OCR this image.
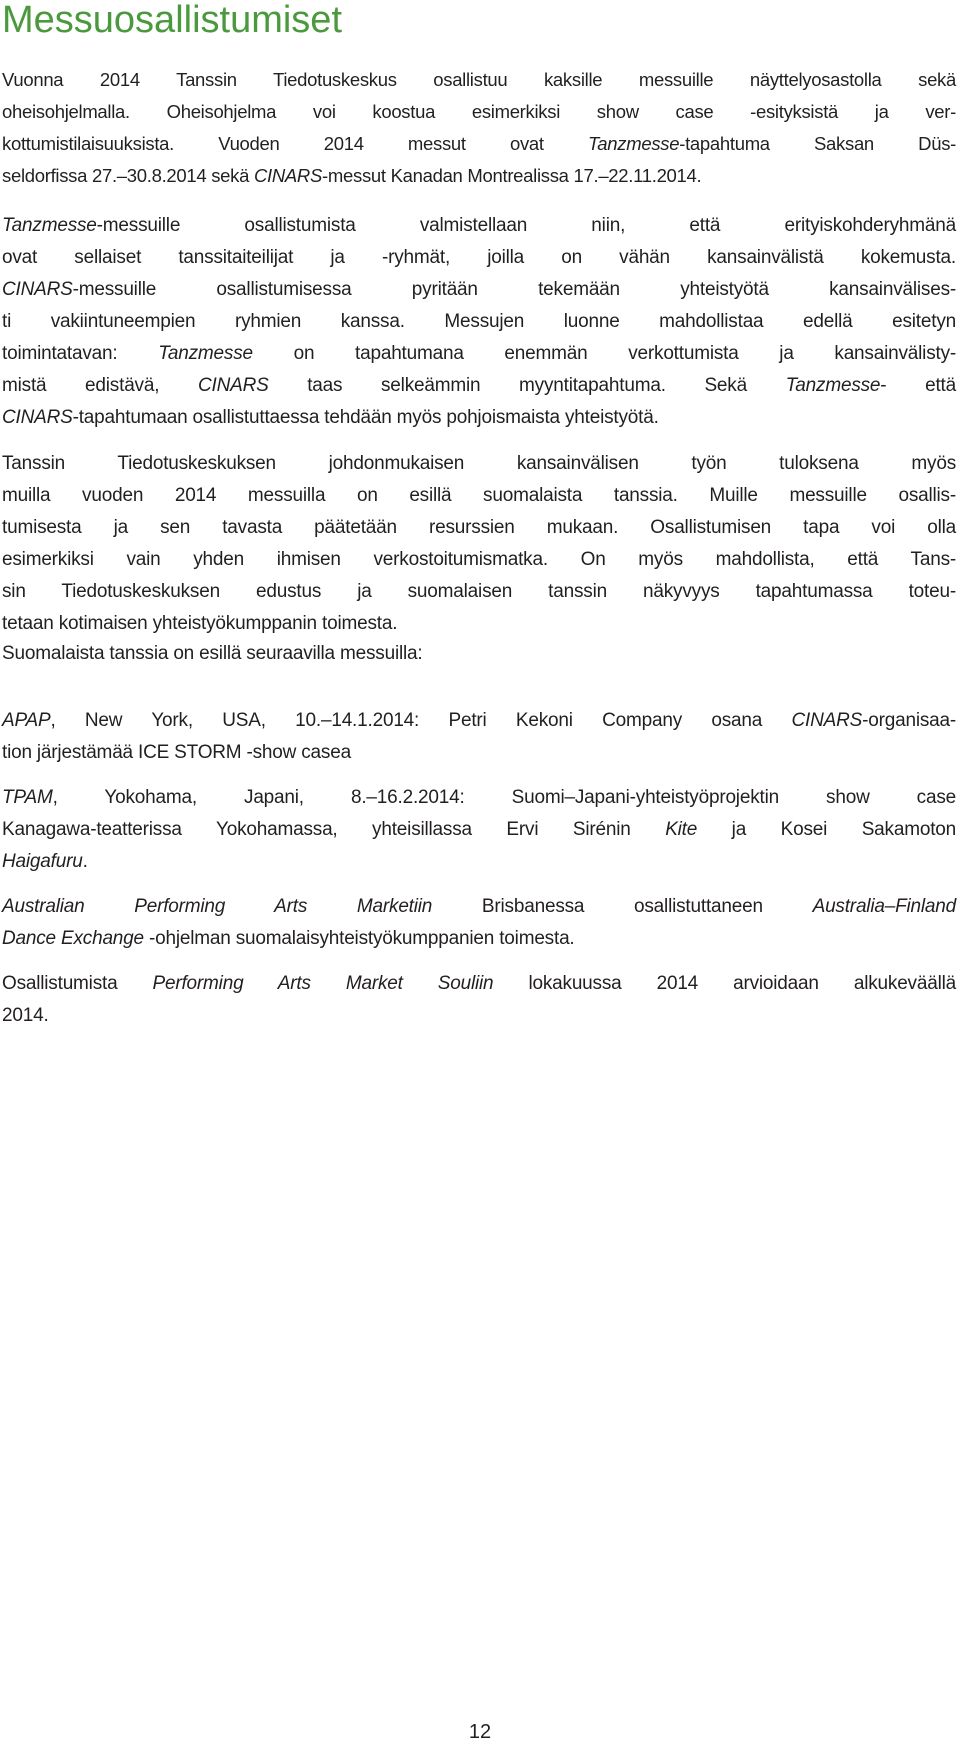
Messuosallistumiset
Vuonna 2014 Tanssin Tiedotuskeskus osallistuu kaksille messuille näyttelyosastolla sekä
oheisohjelmalla. Oheisohjelma voi koostua esimerkiksi show case -esityksistä ja ver-
kottumistilaisuuksista. Vuoden 2014 messut ovat Tanzmesse-tapahtuma Saksan Düs-
seldorfissa 27.–30.8.2014 sekä CINARS-messut Kanadan Montrealissa 17.–22.11.2014.
Tanzmesse-messuille osallistumista valmistellaan niin, että erityiskohderyhmänä
ovat sellaiset tanssitaiteilijat ja -ryhmät, joilla on vähän kansainvälistä kokemusta.
CINARS-messuille osallistumisessa pyritään tekemään yhteistyötä kansainvälises-
ti vakiintuneempien ryhmien kanssa. Messujen luonne mahdollistaa edellä esitetyn
toimintatavan: Tanzmesse on tapahtumana enemmän verkottumista ja kansainvälisty-
mistä edistävä, CINARS taas selkeämmin myyntitapahtuma. Sekä Tanzmesse- että
CINARS-tapahtumaan osallistuttaessa tehdään myös pohjoismaista yhteistyötä.
Tanssin Tiedotuskeskuksen johdonmukaisen kansainvälisen työn tuloksena myös
muilla vuoden 2014 messuilla on esillä suomalaista tanssia. Muille messuille osallis-
tumisesta ja sen tavasta päätetään resurssien mukaan. Osallistumisen tapa voi olla
esimerkiksi vain yhden ihmisen verkostoitumismatka. On myös mahdollista, että Tans-
sin Tiedotuskeskuksen edustus ja suomalaisen tanssin näkyvyys tapahtumassa toteu-
tetaan kotimaisen yhteistyökumppanin toimesta.
Suomalaista tanssia on esillä seuraavilla messuilla:
APAP, New York, USA, 10.–14.1.2014: Petri Kekoni Company osana CINARS-organisaa-
tion järjestämää ICE STORM -show casea
TPAM, Yokohama, Japani, 8.–16.2.2014: Suomi–Japani-yhteistyöprojektin show case
Kanagawa-teatterissa Yokohamassa, yhteisillassa Ervi Sirénin Kite ja Kosei Sakamoton
Haigafuru.
Australian Performing Arts Marketiin Brisbanessa osallistuttaneen Australia–Finland
Dance Exchange -ohjelman suomalaisyhteistyökumppanien toimesta.
Osallistumista Performing Arts Market Souliin lokakuussa 2014 arvioidaan alkukeväällä
2014.
12
